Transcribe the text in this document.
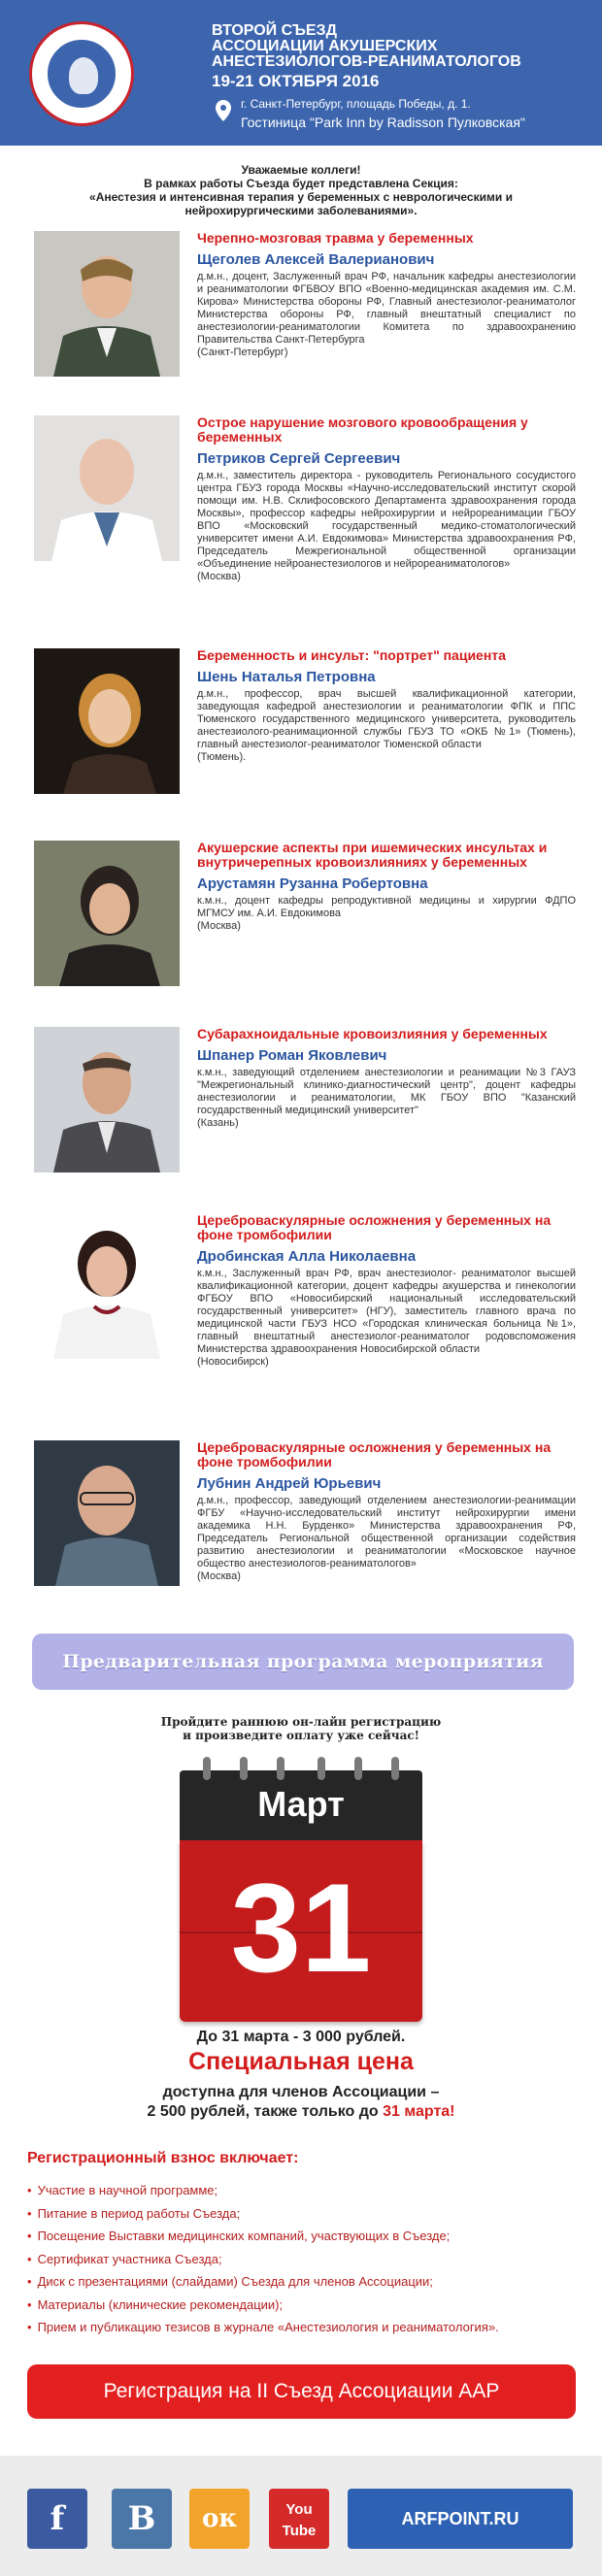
ВТОРОЙ СЪЕЗД
АССОЦИАЦИИ АКУШЕРСКИХ
АНЕСТЕЗИОЛОГОВ-РЕАНИМАТОЛОГОВ
19-21 ОКТЯБРЯ 2016
г. Санкт-Петербург, площадь Победы, д. 1.
Гостиница "Park Inn by Radisson Пулковская"
Уважаемые коллеги!
В рамках работы Съезда будет представлена Секция:
«Анестезия и интенсивная терапия у беременных с неврологическими и
нейрохирургическими заболеваниями».
Черепно-мозговая травма у беременных
Щеголев Алексей Валерианович
д.м.н., доцент, Заслуженный врач РФ, начальник кафедры анестезиологии и реаниматологии ФГБВОУ ВПО «Военно-медицинская академия им. С.М. Кирова» Министерства обороны РФ, Главный анестезиолог-реаниматолог Министерства обороны РФ, главный внештатный специалист по анестезиологии-реаниматологии Комитета по здравоохранению Правительства Санкт-Петербурга
(Санкт-Петербург)
Острое нарушение мозгового кровообращения у беременных
Петриков Сергей Сергеевич
д.м.н., заместитель директора - руководитель Регионального сосудистого центра ГБУЗ города Москвы «Научно-исследовательский институт скорой помощи им. Н.В. Склифосовского Департамента здравоохранения города Москвы», профессор кафедры нейрохирургии и нейрореанимации ГБОУ ВПО «Московский государственный медико-стоматологический университет имени А.И. Евдокимова» Министерства здравоохранения РФ, Председатель Межрегиональной общественной организации «Объединение нейроанестезиологов и нейрореаниматологов»
(Москва)
Беременность и инсульт: "портрет" пациента
Шень Наталья Петровна
д.м.н., профессор, врач высшей квалификационной категории, заведующая кафедрой анестезиологии и реаниматологии ФПК и ППС Тюменского государственного медицинского университета, руководитель анестезиолого-реанимационной службы ГБУЗ ТО «ОКБ №1» (Тюмень), главный анестезиолог-реаниматолог Тюменской области
(Тюмень).
Акушерские аспекты при ишемических инсультах и внутричерепных кровоизлияниях у беременных
Арустамян Рузанна Робертовна
к.м.н., доцент кафедры репродуктивной медицины и хирургии ФДПО МГМСУ им. А.И. Евдокимова
(Москва)
Субарахноидальные кровоизлияния у беременных
Шпанер Роман Яковлевич
к.м.н., заведующий отделением анестезиологии и реанимации №3 ГАУЗ "Межрегиональный клинико-диагностический центр", доцент кафедры анестезиологии и реаниматологии, МК ГБОУ ВПО "Казанский государственный медицинский университет"
(Казань)
Цереброваскулярные осложнения у беременных на фоне тромбофилии
Дробинская Алла Николаевна
к.м.н., Заслуженный врач РФ, врач анестезиолог- реаниматолог высшей квалификационной категории, доцент кафедры акушерства и гинекологии ФГБОУ ВПО «Новосибирский национальный исследовательский государственный университет» (НГУ), заместитель главного врача по медицинской части ГБУЗ НСО «Городская клиническая больница №1», главный внештатный анестезиолог-реаниматолог родовспоможения Министерства здравоохранения Новосибирской области
(Новосибирск)
Цереброваскулярные осложнения у беременных на фоне тромбофилии
Лубнин Андрей Юрьевич
д.м.н., профессор, заведующий отделением анестезиологии-реанимации ФГБУ «Научно-исследовательский институт нейрохирургии имени академика Н.Н. Бурденко» Министерства здравоохранения РФ, Председатель Региональной общественной организации содействия развитию анестезиологии и реаниматологии «Московское научное общество анестезиологов-реаниматологов»
(Москва)
Предварительная программа мероприятия
Пройдите раннюю он-лайн регистрацию
и произведите оплату уже сейчас!
Март
31
До 31 марта - 3 000 рублей.
Специальная цена
доступна для членов Ассоциации –
2 500 рублей, также только до 31 марта!
Регистрационный взнос включает:
• Участие в научной программе;
• Питание в период работы Съезда;
• Посещение Выставки медицинских компаний, участвующих в Съезде;
• Сертификат участника Съезда;
• Диск с презентациями (слайдами) Съезда для членов Ассоциации;
• Материалы (клинические рекомендации);
• Прием и публикацию тезисов в журнале «Анестезиология и реаниматология».
Регистрация на II Съезд Ассоциации ААР
f	B	ок	You
Tube
ARFPOINT.RU
